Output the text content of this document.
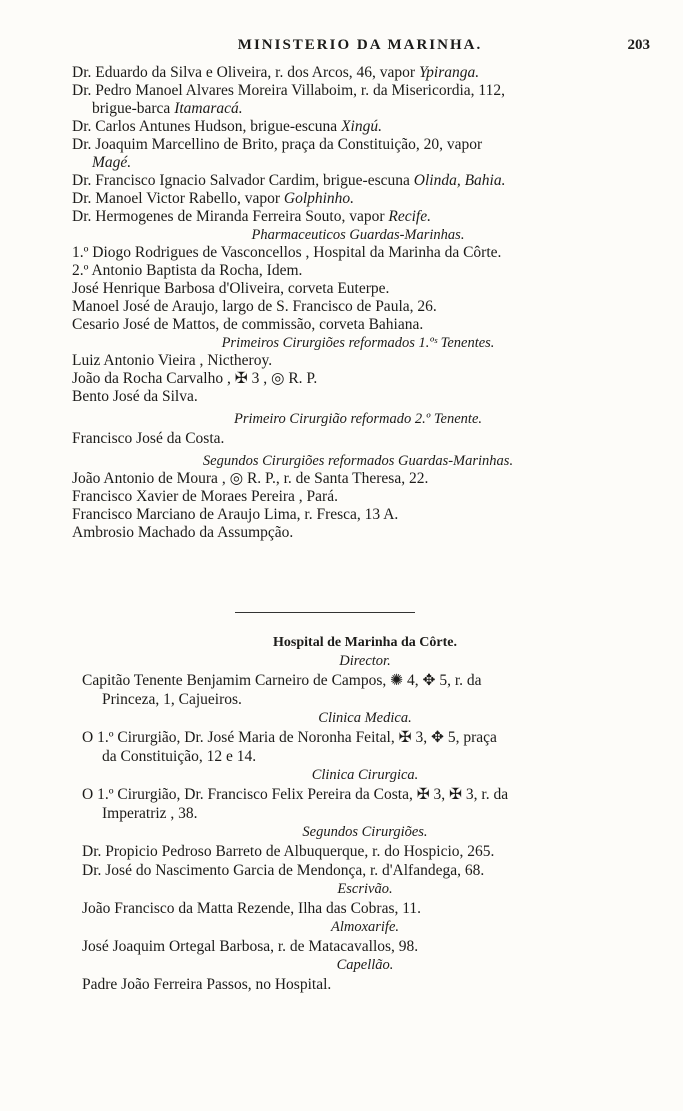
MINISTERIO DA MARINHA.	203
Dr. Eduardo da Silva e Oliveira, r. dos Arcos, 46, vapor Ypiranga.
Dr. Pedro Manoel Alvares Moreira Villaboim, r. da Misericordia, 112,
brigue-barca Itamaracá.
Dr. Carlos Antunes Hudson, brigue-escuna Xingú.
Dr. Joaquim Marcellino de Brito, praça da Constituição, 20, vapor
Magé.
Dr. Francisco Ignacio Salvador Cardim, brigue-escuna Olinda, Bahia.
Dr. Manoel Victor Rabello, vapor Golphinho.
Dr. Hermogenes de Miranda Ferreira Souto, vapor Recife.
Pharmaceuticos Guardas-Marinhas.
1.º Diogo Rodrigues de Vasconcellos , Hospital da Marinha da Côrte.
2.º Antonio Baptista da Rocha, Idem.
José Henrique Barbosa d'Oliveira, corveta Euterpe.
Manoel José de Araujo, largo de S. Francisco de Paula, 26.
Cesario José de Mattos, de commissão, corveta Bahiana.
Primeiros Cirurgiões reformados 1.ºˢ Tenentes.
Luiz Antonio Vieira , Nictheroy.
João da Rocha Carvalho , ✠ 3 , ◎ R. P.
Bento José da Silva.
Primeiro Cirurgião reformado 2.º Tenente.
Francisco José da Costa.
Segundos Cirurgiões reformados Guardas-Marinhas.
João Antonio de Moura , ◎ R. P., r. de Santa Theresa, 22.
Francisco Xavier de Moraes Pereira , Pará.
Francisco Marciano de Araujo Lima, r. Fresca, 13 A.
Ambrosio Machado da Assumpção.
Hospital de Marinha da Côrte.
Director.
Capitão Tenente Benjamim Carneiro de Campos, ✺ 4, ✥ 5, r. da
Princeza, 1, Cajueiros.
Clinica Medica.
O 1.º Cirurgião, Dr. José Maria de Noronha Feital, ✠ 3, ✥ 5, praça
da Constituição, 12 e 14.
Clinica Cirurgica.
O 1.º Cirurgião, Dr. Francisco Felix Pereira da Costa, ✠ 3, ✠ 3, r. da
Imperatriz , 38.
Segundos Cirurgiões.
Dr. Propicio Pedroso Barreto de Albuquerque, r. do Hospicio, 265.
Dr. José do Nascimento Garcia de Mendonça, r. d'Alfandega, 68.
Escrivão.
João Francisco da Matta Rezende, Ilha das Cobras, 11.
Almoxarife.
José Joaquim Ortegal Barbosa, r. de Matacavallos, 98.
Capellão.
Padre João Ferreira Passos, no Hospital.
